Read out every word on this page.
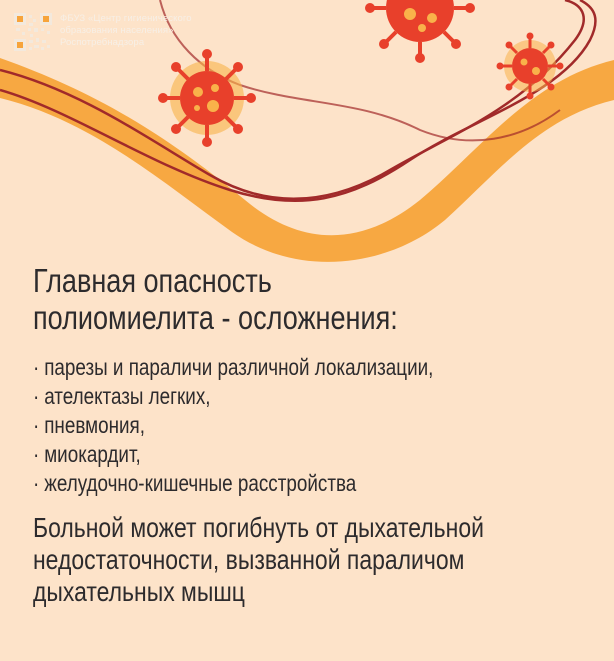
ФБУЗ «Центр гигиенического
образования населения»
Роспотребнадзора
Главная опасность
полиомиелита - осложнения:
· парезы и параличи различной локализации,
· ателектазы легких,
· пневмония,
· миокардит,
· желудочно-кишечные расстройства
Больной может погибнуть от дыхательной
недостаточности, вызванной параличом
дыхательных мышц
